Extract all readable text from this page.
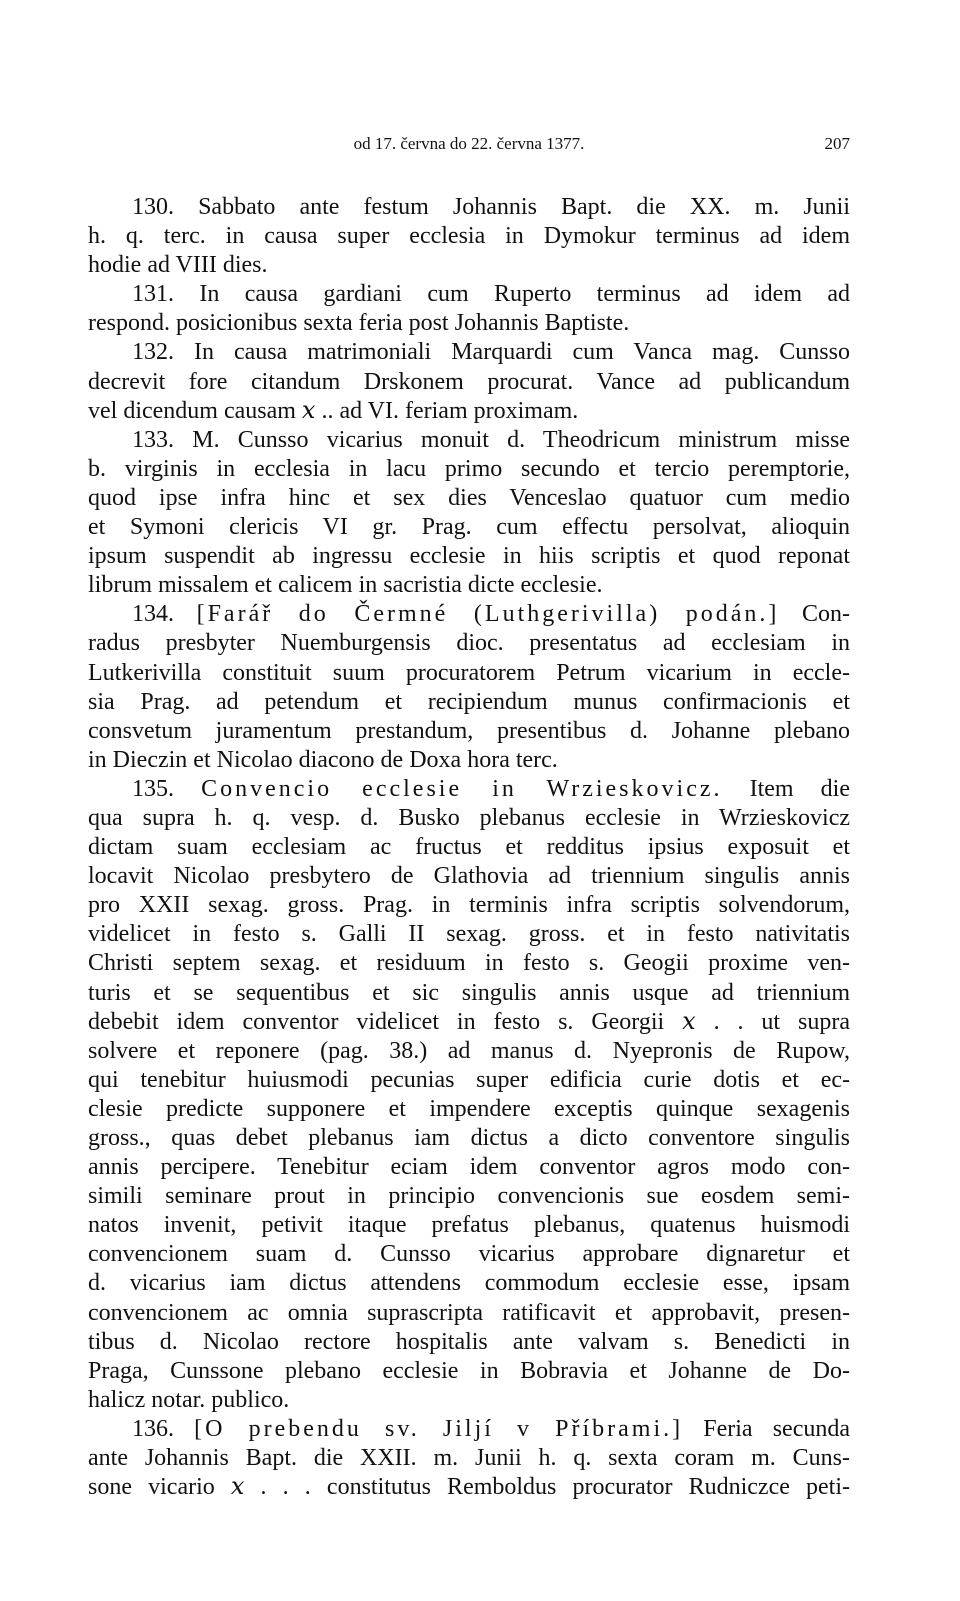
od 17. června do 22. června 1377.	207
130. Sabbato ante festum Johannis Bapt. die XX. m. Junii
h. q. terc. in causa super ecclesia in Dymokur terminus ad idem
hodie ad VIII dies.
131. In causa gardiani cum Ruperto terminus ad idem ad
respond. posicionibus sexta feria post Johannis Baptiste.
132. In causa matrimoniali Marquardi cum Vanca mag. Cunsso
decrevit fore citandum Drskonem procurat. Vance ad publicandum
vel dicendum causam 𝑥 .. ad VI. feriam proximam.
133. M. Cunsso vicarius monuit d. Theodricum ministrum misse
b. virginis in ecclesia in lacu primo secundo et tercio peremptorie,
quod ipse infra hinc et sex dies Venceslao quatuor cum medio
et Symoni clericis VI gr. Prag. cum effectu persolvat, alioquin
ipsum suspendit ab ingressu ecclesie in hiis scriptis et quod reponat
librum missalem et calicem in sacristia dicte ecclesie.
134. [Farář do Čermné (Luthgerivilla) podán.] Con-
radus presbyter Nuemburgensis dioc. presentatus ad ecclesiam in
Lutkerivilla constituit suum procuratorem Petrum vicarium in eccle-
sia Prag. ad petendum et recipiendum munus confirmacionis et
consvetum juramentum prestandum, presentibus d. Johanne plebano
in Dieczin et Nicolao diacono de Doxa hora terc.
135. Convencio ecclesie in Wrzieskovicz. Item die
qua supra h. q. vesp. d. Busko plebanus ecclesie in Wrzieskovicz
dictam suam ecclesiam ac fructus et redditus ipsius exposuit et
locavit Nicolao presbytero de Glathovia ad triennium singulis annis
pro XXII sexag. gross. Prag. in terminis infra scriptis solvendorum,
videlicet in festo s. Galli II sexag. gross. et in festo nativitatis
Christi septem sexag. et residuum in festo s. Geogii proxime ven-
turis et se sequentibus et sic singulis annis usque ad triennium
debebit idem conventor videlicet in festo s. Georgii 𝑥 . . ut supra
solvere et reponere (pag. 38.) ad manus d. Nyepronis de Rupow,
qui tenebitur huiusmodi pecunias super edificia curie dotis et ec-
clesie predicte supponere et impendere exceptis quinque sexagenis
gross., quas debet plebanus iam dictus a dicto conventore singulis
annis percipere. Tenebitur eciam idem conventor agros modo con-
simili seminare prout in principio convencionis sue eosdem semi-
natos invenit, petivit itaque prefatus plebanus, quatenus huismodi
convencionem suam d. Cunsso vicarius approbare dignaretur et
d. vicarius iam dictus attendens commodum ecclesie esse, ipsam
convencionem ac omnia suprascripta ratificavit et approbavit, presen-
tibus d. Nicolao rectore hospitalis ante valvam s. Benedicti in
Praga, Cunssone plebano ecclesie in Bobravia et Johanne de Do-
halicz notar. publico.
136. [O prebendu sv. Jiljí v Příbrami.] Feria secunda
ante Johannis Bapt. die XXII. m. Junii h. q. sexta coram m. Cuns-
sone vicario 𝑥 . . . constitutus Remboldus procurator Rudniczce peti-
